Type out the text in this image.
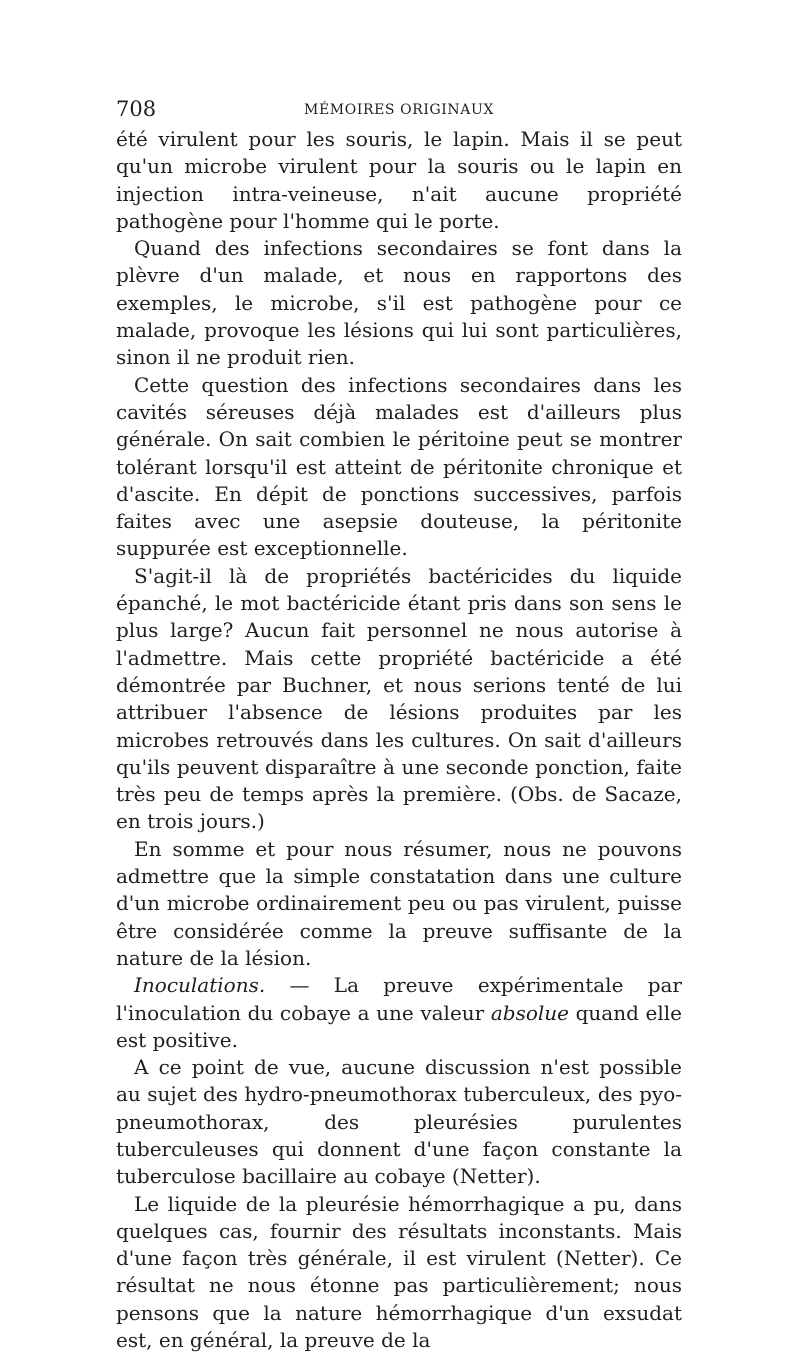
708	MÉMOIRES ORIGINAUX

été virulent pour les souris, le lapin. Mais il se peut qu'un microbe virulent pour la souris ou le lapin en injection intra-veineuse, n'ait aucune propriété pathogène pour l'homme qui le porte.

Quand des infections secondaires se font dans la plèvre d'un malade, et nous en rapportons des exemples, le microbe, s'il est pathogène pour ce malade, provoque les lésions qui lui sont particulières, sinon il ne produit rien.

Cette question des infections secondaires dans les cavités séreuses déjà malades est d'ailleurs plus générale. On sait combien le péritoine peut se montrer tolérant lorsqu'il est atteint de péritonite chronique et d'ascite. En dépit de ponctions successives, parfois faites avec une asepsie douteuse, la péritonite suppurée est exceptionnelle.

S'agit-il là de propriétés bactéricides du liquide épanché, le mot bactéricide étant pris dans son sens le plus large? Aucun fait personnel ne nous autorise à l'admettre. Mais cette propriété bactéricide a été démontrée par Buchner, et nous serions tenté de lui attribuer l'absence de lésions produites par les microbes retrouvés dans les cultures. On sait d'ailleurs qu'ils peuvent disparaître à une seconde ponction, faite très peu de temps après la première. (Obs. de Sacaze, en trois jours.)

En somme et pour nous résumer, nous ne pouvons admettre que la simple constatation dans une culture d'un microbe ordinairement peu ou pas virulent, puisse être considérée comme la preuve suffisante de la nature de la lésion.

Inoculations. — La preuve expérimentale par l'inoculation du cobaye a une valeur absolue quand elle est positive.

A ce point de vue, aucune discussion n'est possible au sujet des hydro-pneumothorax tuberculeux, des pyo-pneumothorax, des pleurésies purulentes tuberculeuses qui donnent d'une façon constante la tuberculose bacillaire au cobaye (Netter).

Le liquide de la pleurésie hémorrhagique a pu, dans quelques cas, fournir des résultats inconstants. Mais d'une façon très générale, il est virulent (Netter). Ce résultat ne nous étonne pas particulièrement; nous pensons que la nature hémorrhagique d'un exsudat est, en général, la preuve de la
